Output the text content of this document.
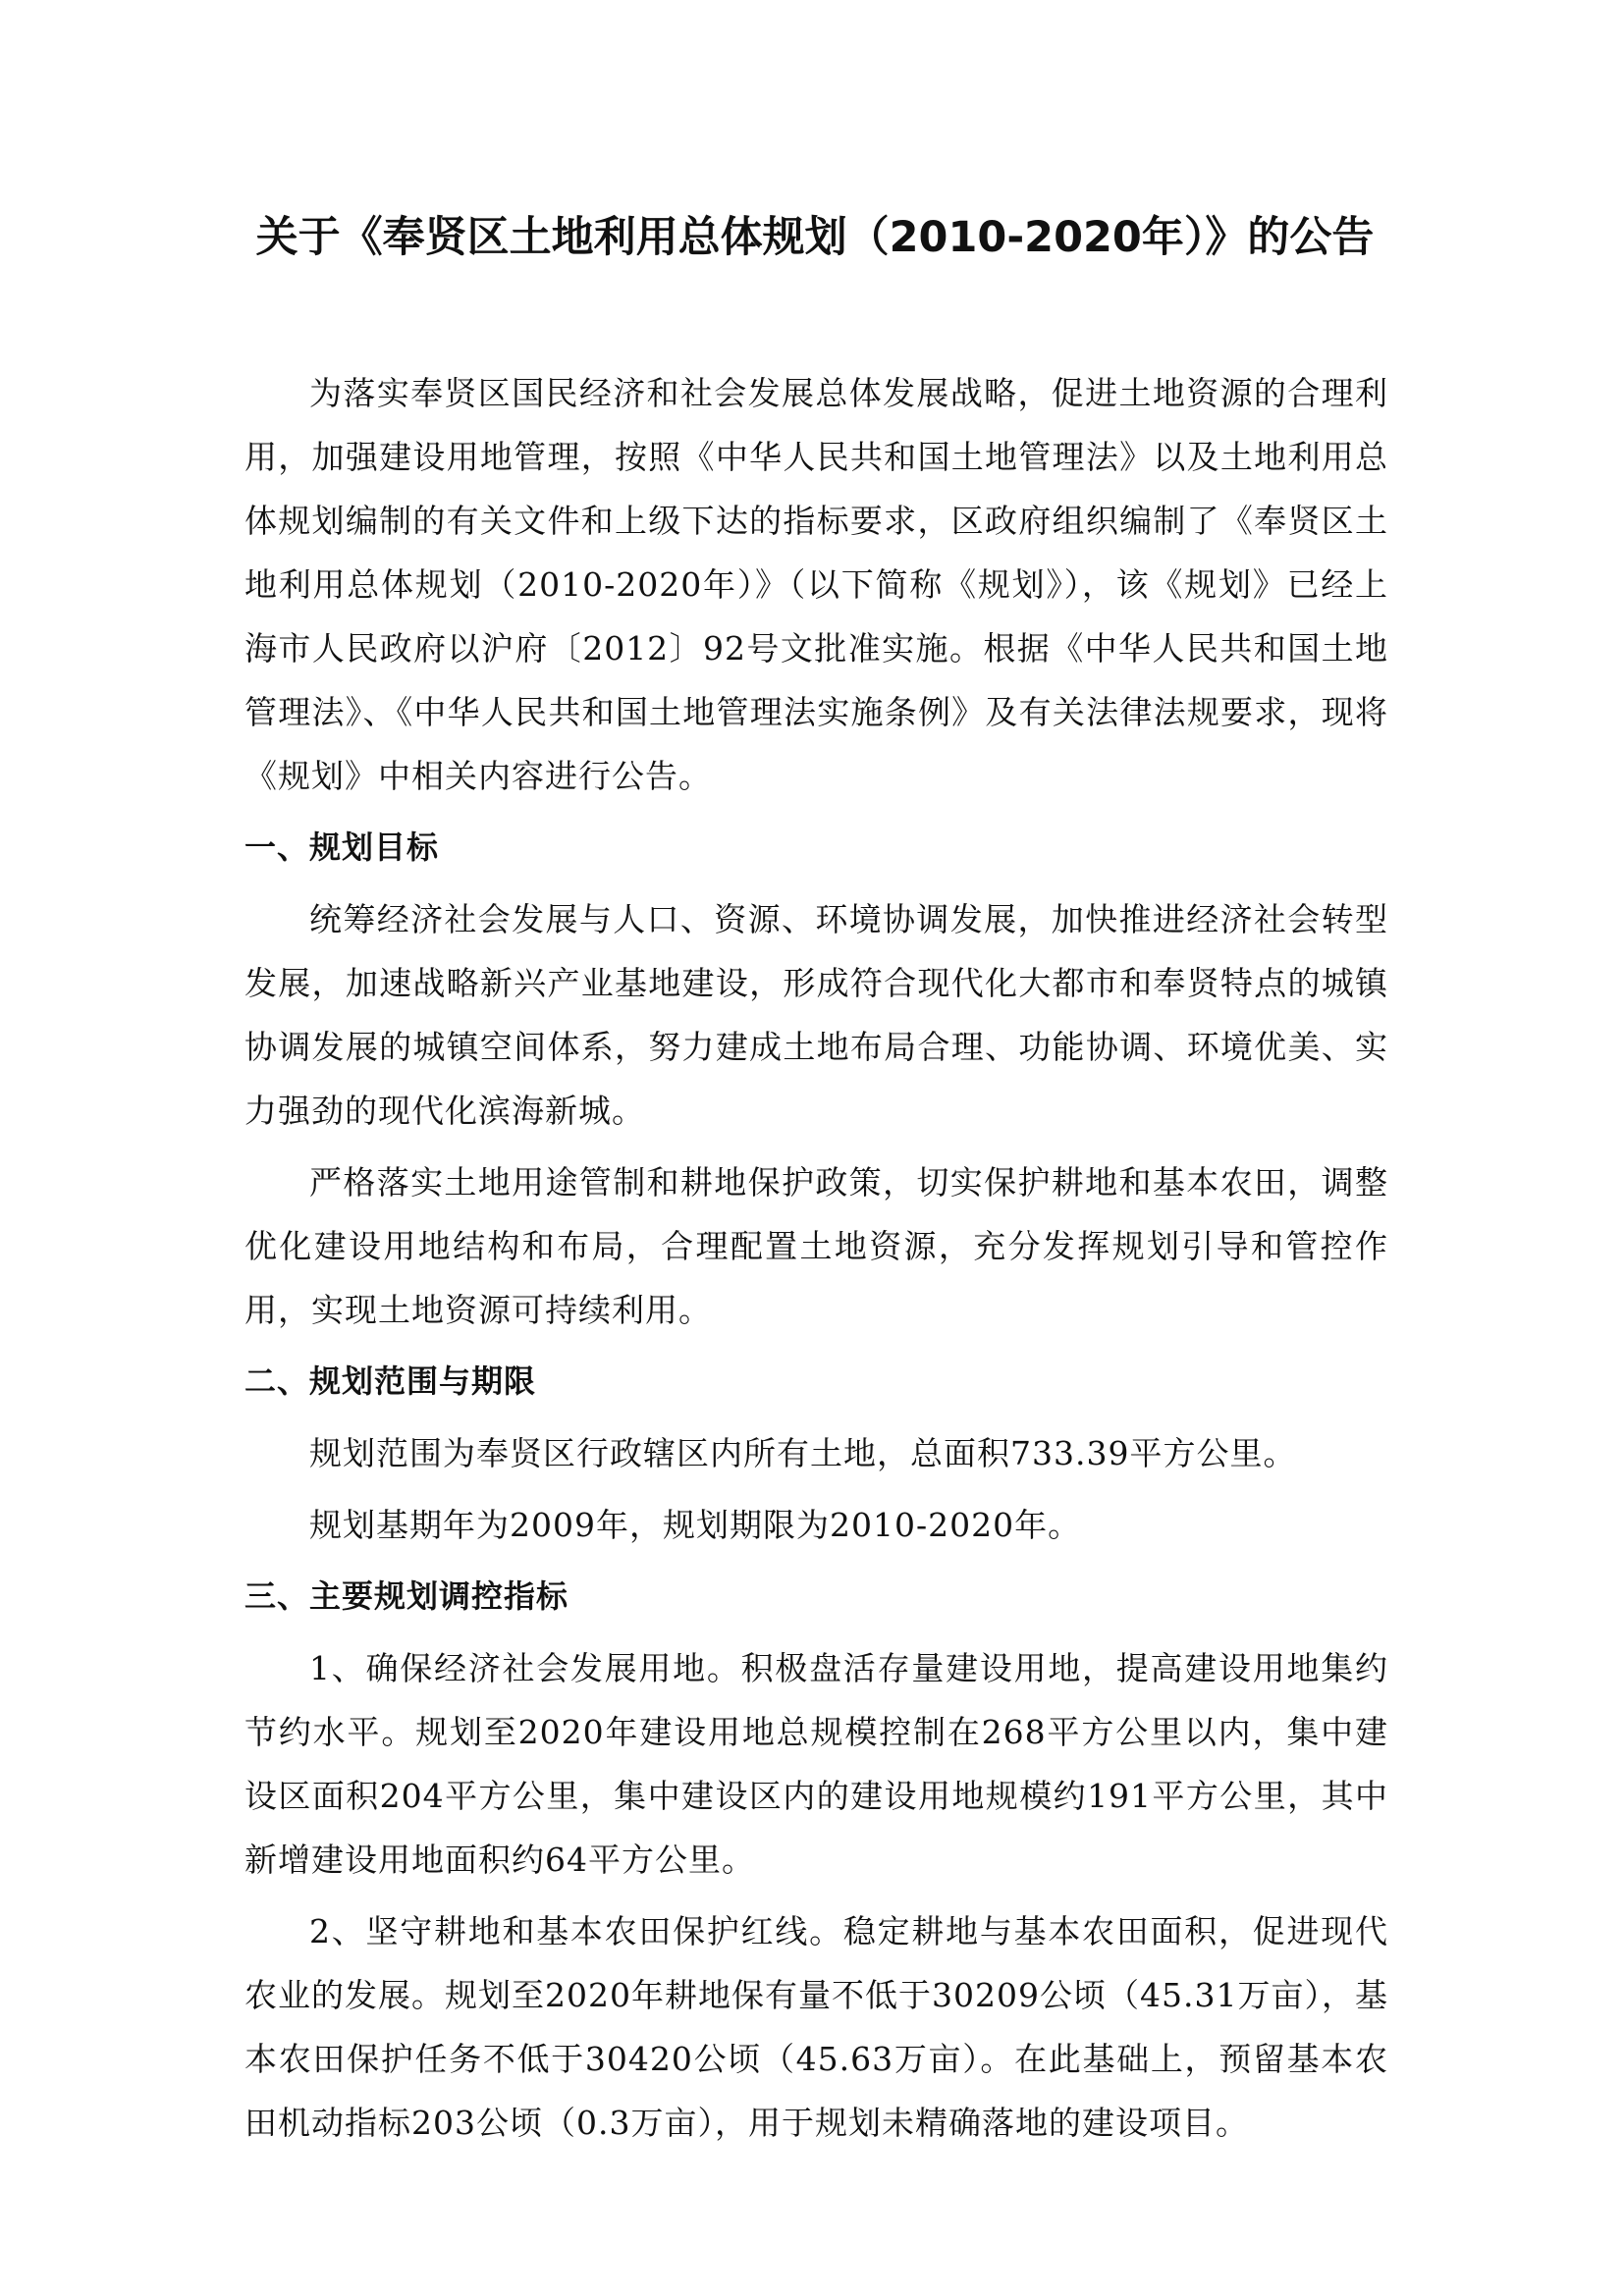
关于《奉贤区土地利用总体规划（2010-2020年）》的公告

为落实奉贤区国民经济和社会发展总体发展战略，促进土地资源的合理利用，加强建设用地管理，按照《中华人民共和国土地管理法》以及土地利用总体规划编制的有关文件和上级下达的指标要求，区政府组织编制了《奉贤区土地利用总体规划（2010-2020年）》（以下简称《规划》），该《规划》已经上海市人民政府以沪府〔2012〕92号文批准实施。根据《中华人民共和国土地管理法》、《中华人民共和国土地管理法实施条例》及有关法律法规要求，现将《规划》中相关内容进行公告。

一、规划目标

统筹经济社会发展与人口、资源、环境协调发展，加快推进经济社会转型发展，加速战略新兴产业基地建设，形成符合现代化大都市和奉贤特点的城镇协调发展的城镇空间体系，努力建成土地布局合理、功能协调、环境优美、实力强劲的现代化滨海新城。

严格落实土地用途管制和耕地保护政策，切实保护耕地和基本农田，调整优化建设用地结构和布局，合理配置土地资源，充分发挥规划引导和管控作用，实现土地资源可持续利用。

二、规划范围与期限

规划范围为奉贤区行政辖区内所有土地，总面积733.39平方公里。

规划基期年为2009年，规划期限为2010-2020年。

三、主要规划调控指标

1、确保经济社会发展用地。积极盘活存量建设用地，提高建设用地集约节约水平。规划至2020年建设用地总规模控制在268平方公里以内，集中建设区面积204平方公里，集中建设区内的建设用地规模约191平方公里，其中新增建设用地面积约64平方公里。

2、坚守耕地和基本农田保护红线。稳定耕地与基本农田面积，促进现代农业的发展。规划至2020年耕地保有量不低于30209公顷（45.31万亩），基本农田保护任务不低于30420公顷（45.63万亩）。在此基础上，预留基本农田机动指标203公顷（0.3万亩），用于规划未精确落地的建设项目。
